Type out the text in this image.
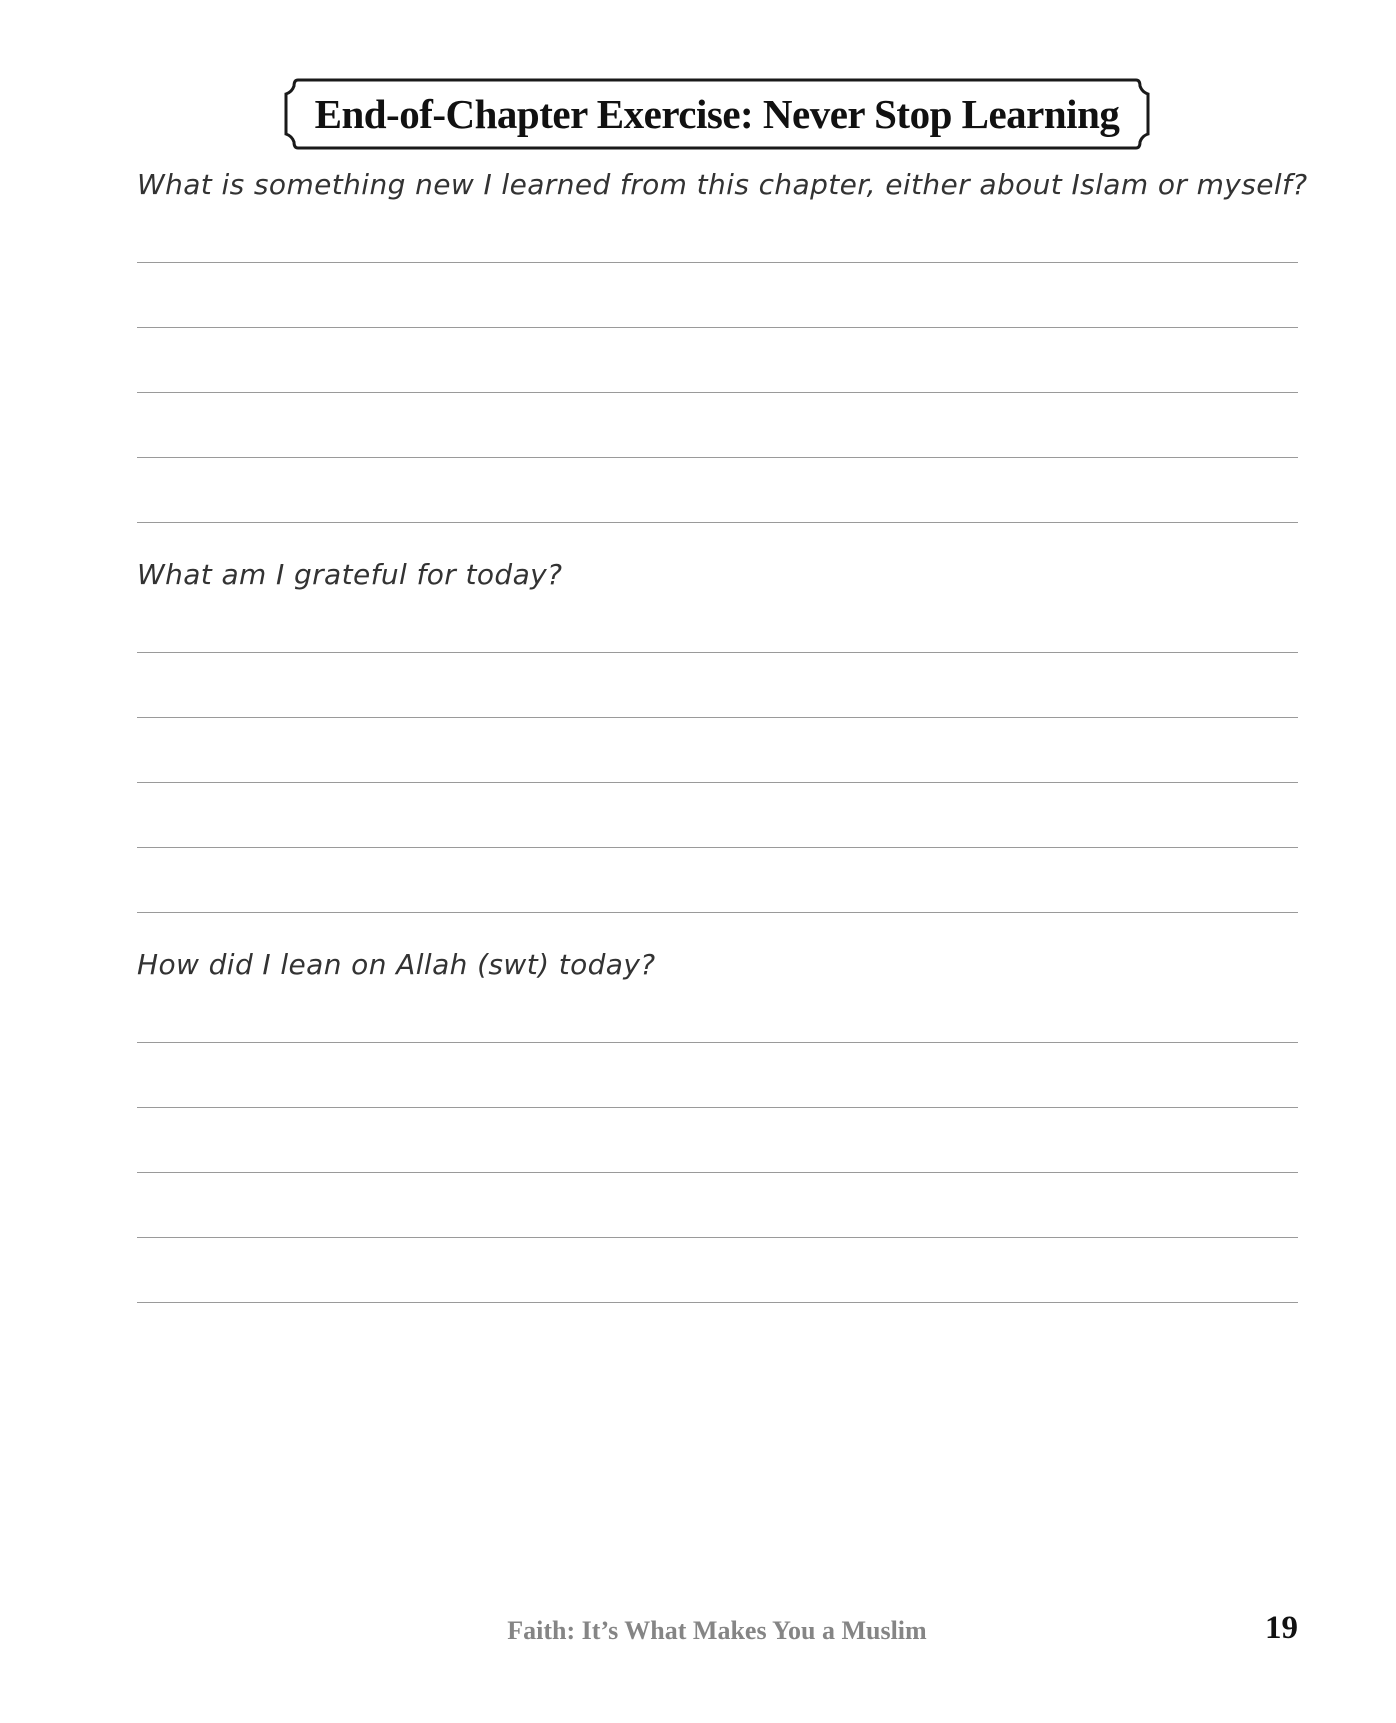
End-of-Chapter Exercise: Never Stop Learning
What is something new I learned from this chapter, either about Islam or myself?
What am I grateful for today?
How did I lean on Allah (swt) today?
Faith: It’s What Makes You a Muslim	19
